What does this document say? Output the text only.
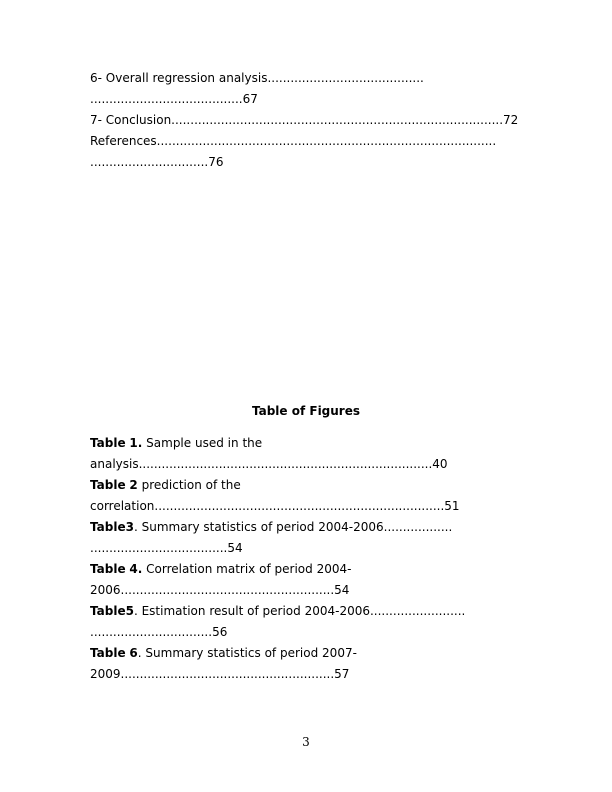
6- Overall regression analysis.........................................
........................................67
7- Conclusion.......................................................................................72
References.........................................................................................
...............................76
Table of Figures
Table 1. Sample used in the
analysis.............................................................................40
Table 2 prediction of the
correlation............................................................................51
Table3. Summary statistics of period 2004-2006..................
....................................54
Table 4. Correlation matrix of period 2004-
2006........................................................54
Table5. Estimation result of period 2004-2006.........................
................................56
Table 6. Summary statistics of period 2007-
2009........................................................57
3
